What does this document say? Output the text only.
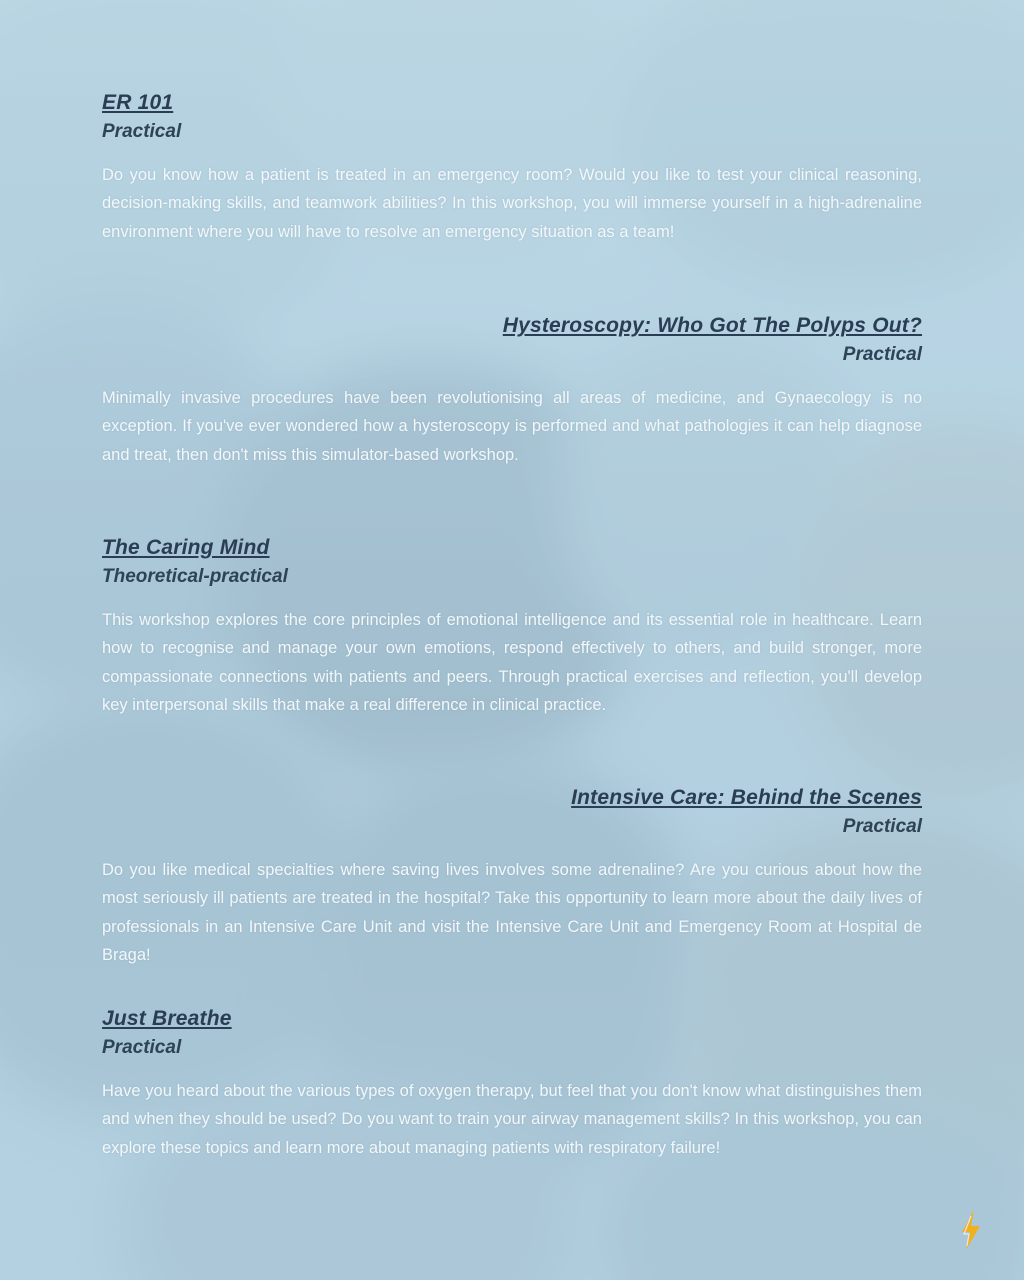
ER 101
Practical
Do you know how a patient is treated in an emergency room? Would you like to test your clinical reasoning, decision-making skills, and teamwork abilities? In this workshop, you will immerse yourself in a high-adrenaline environment where you will have to resolve an emergency situation as a team!
Hysteroscopy: Who Got The Polyps Out?
Practical
Minimally invasive procedures have been revolutionising all areas of medicine, and Gynaecology is no exception. If you've ever wondered how a hysteroscopy is performed and what pathologies it can help diagnose and treat, then don't miss this simulator-based workshop.
The Caring Mind
Theoretical-practical
This workshop explores the core principles of emotional intelligence and its essential role in healthcare. Learn how to recognise and manage your own emotions, respond effectively to others, and build stronger, more compassionate connections with patients and peers. Through practical exercises and reflection, you'll develop key interpersonal skills that make a real difference in clinical practice.
Intensive Care: Behind the Scenes
Practical
Do you like medical specialties where saving lives involves some adrenaline? Are you curious about how the most seriously ill patients are treated in the hospital? Take this opportunity to learn more about the daily lives of professionals in an Intensive Care Unit and visit the Intensive Care Unit and Emergency Room at Hospital de Braga!
Just Breathe
Practical
Have you heard about the various types of oxygen therapy, but feel that you don't know what distinguishes them and when they should be used? Do you want to train your airway management skills? In this workshop, you can explore these topics and learn more about managing patients with respiratory failure!
